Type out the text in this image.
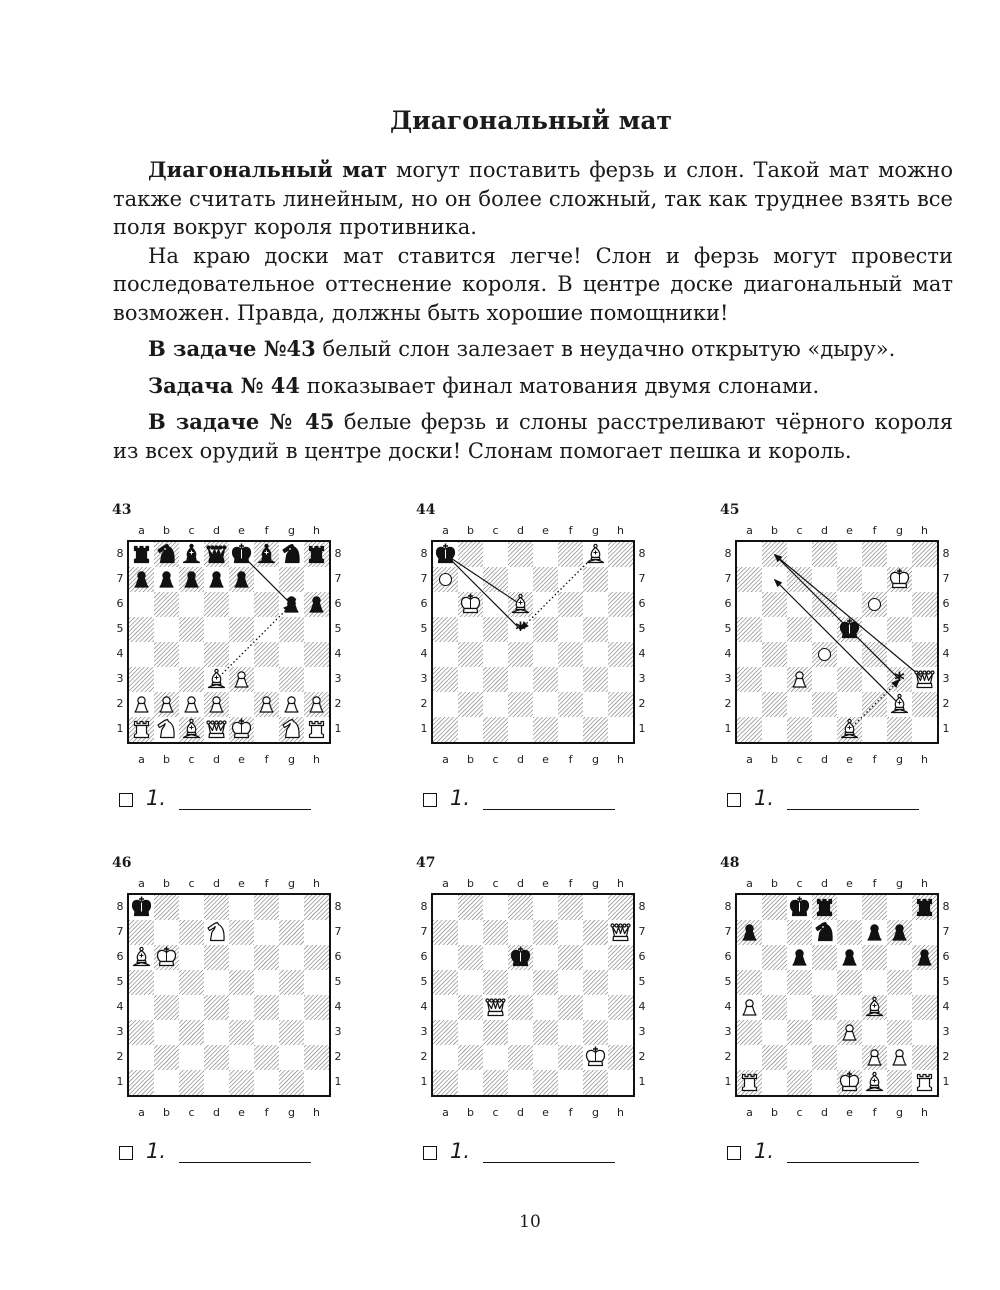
Диагональный мат

Диагональный мат могут поставить ферзь и слон. Такой мат можно также считать линейным, но он более сложный, так как труднее взять все поля вокруг короля противника.

На краю доски мат ставится легче! Слон и ферзь могут провести последовательное оттеснение короля. В центре доске диагональный мат возможен. Правда, должны быть хорошие помощники!

В задаче №43 белый слон залезает в неудачно открытую «дыру».

Задача № 44 показывает финал матования двумя слонами.

В задаче № 45 белые ферзь и слоны расстреливают чёрного короля из всех орудий в центре доски! Слонам помогает пешка и король.

43
a
a
b
b
c
c
d
d
e
e
f
f
g
g
h
h
8	8
7	7
6	6
5	5
4	4
3	3
2	2
1	1
*
1.
44
a
a
b
b
c
c
d
d
e
e
f
f
g
g
h
h
8	8
7	7
6	6
5	5
4	4
3	3
2	2
1	1
*
1.
45
a
a
b
b
c
c
d
d
e
e
f
f
g
g
h
h
8	8
7	7
6	6
5	5
4	4
3	3
2	2
1	1
*
1.
46
a
a
b
b
c
c
d
d
e
e
f
f
g
g
h
h
8	8
7	7
6	6
5	5
4	4
3	3
2	2
1	1
1.
47
a
a
b
b
c
c
d
d
e
e
f
f
g
g
h
h
8	8
7	7
6	6
5	5
4	4
3	3
2	2
1	1
1.
48
a
a
b
b
c
c
d
d
e
e
f
f
g
g
h
h
8	8
7	7
6	6
5	5
4	4
3	3
2	2
1	1
1.
10
